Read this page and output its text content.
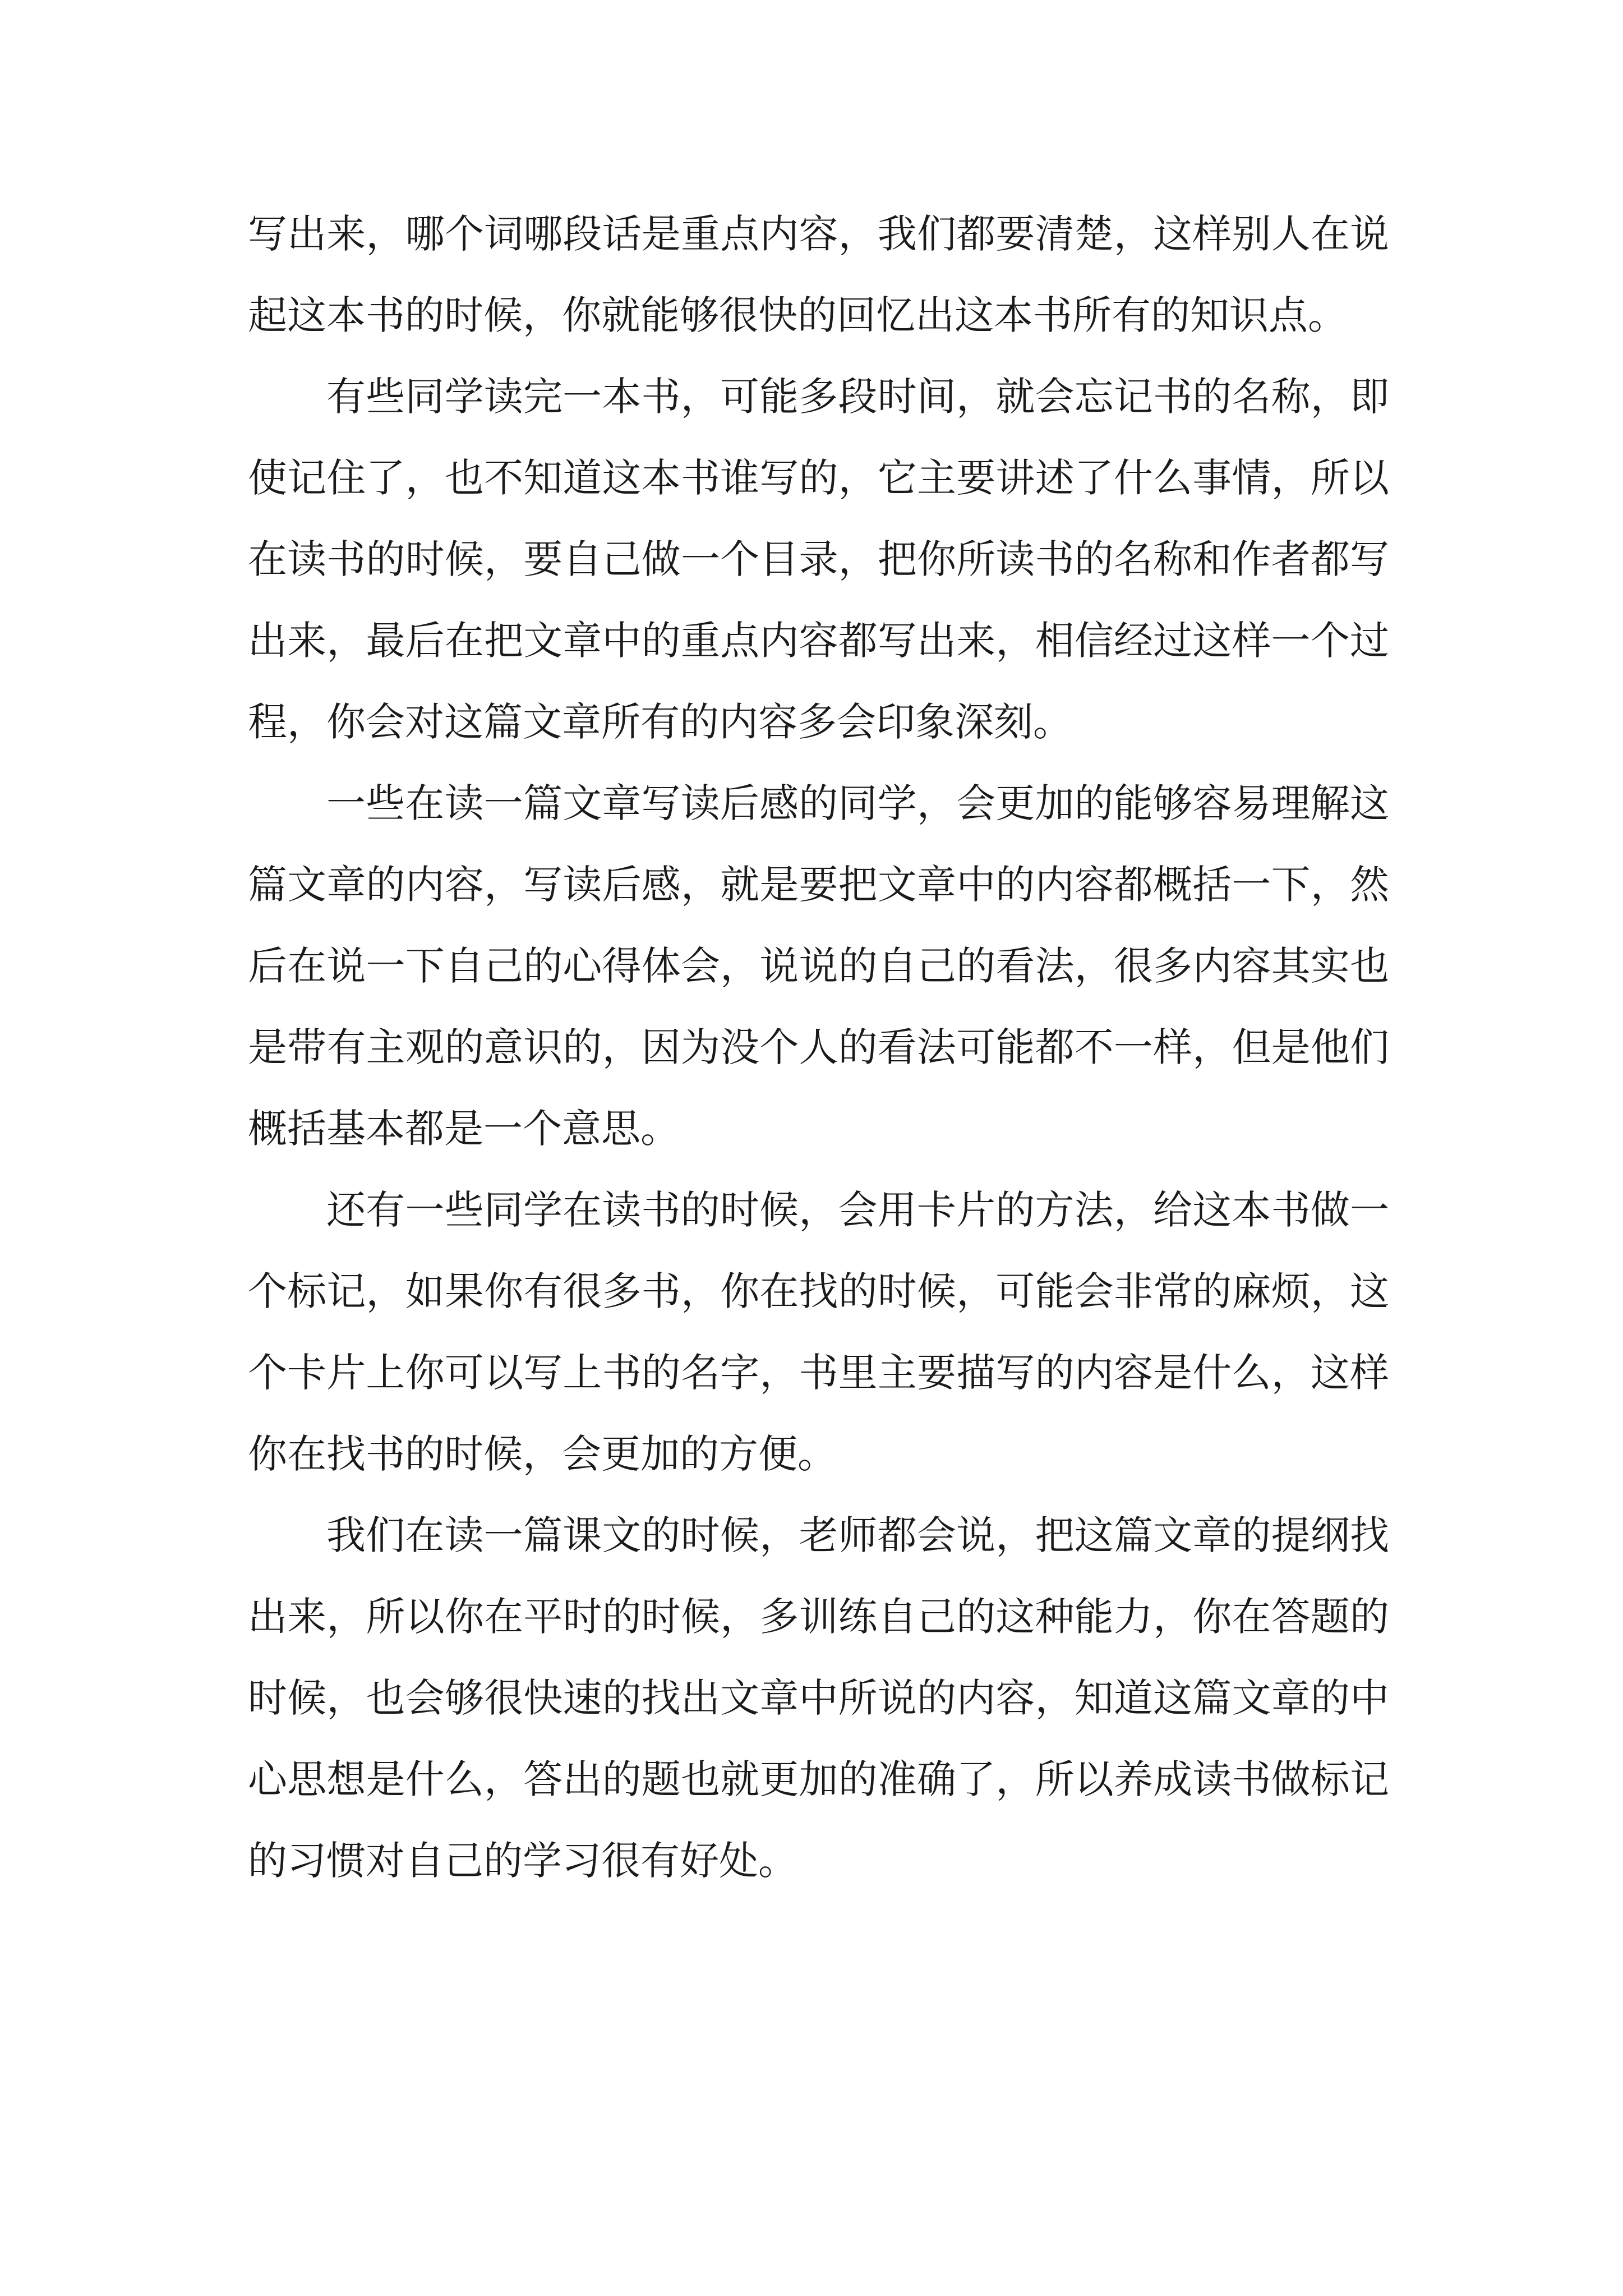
写出来，哪个词哪段话是重点内容，我们都要清楚，这样别人在说起这本书的时候，你就能够很快的回忆出这本书所有的知识点。

有些同学读完一本书，可能多段时间，就会忘记书的名称，即使记住了，也不知道这本书谁写的，它主要讲述了什么事情，所以在读书的时候，要自己做一个目录，把你所读书的名称和作者都写出来，最后在把文章中的重点内容都写出来，相信经过这样一个过程，你会对这篇文章所有的内容多会印象深刻。

一些在读一篇文章写读后感的同学，会更加的能够容易理解这篇文章的内容，写读后感，就是要把文章中的内容都概括一下，然后在说一下自己的心得体会，说说的自己的看法，很多内容其实也是带有主观的意识的，因为没个人的看法可能都不一样，但是他们概括基本都是一个意思。

还有一些同学在读书的时候，会用卡片的方法，给这本书做一个标记，如果你有很多书，你在找的时候，可能会非常的麻烦，这个卡片上你可以写上书的名字，书里主要描写的内容是什么，这样你在找书的时候，会更加的方便。

我们在读一篇课文的时候，老师都会说，把这篇文章的提纲找出来，所以你在平时的时候，多训练自己的这种能力，你在答题的时候，也会够很快速的找出文章中所说的内容，知道这篇文章的中心思想是什么，答出的题也就更加的准确了，所以养成读书做标记的习惯对自己的学习很有好处。
